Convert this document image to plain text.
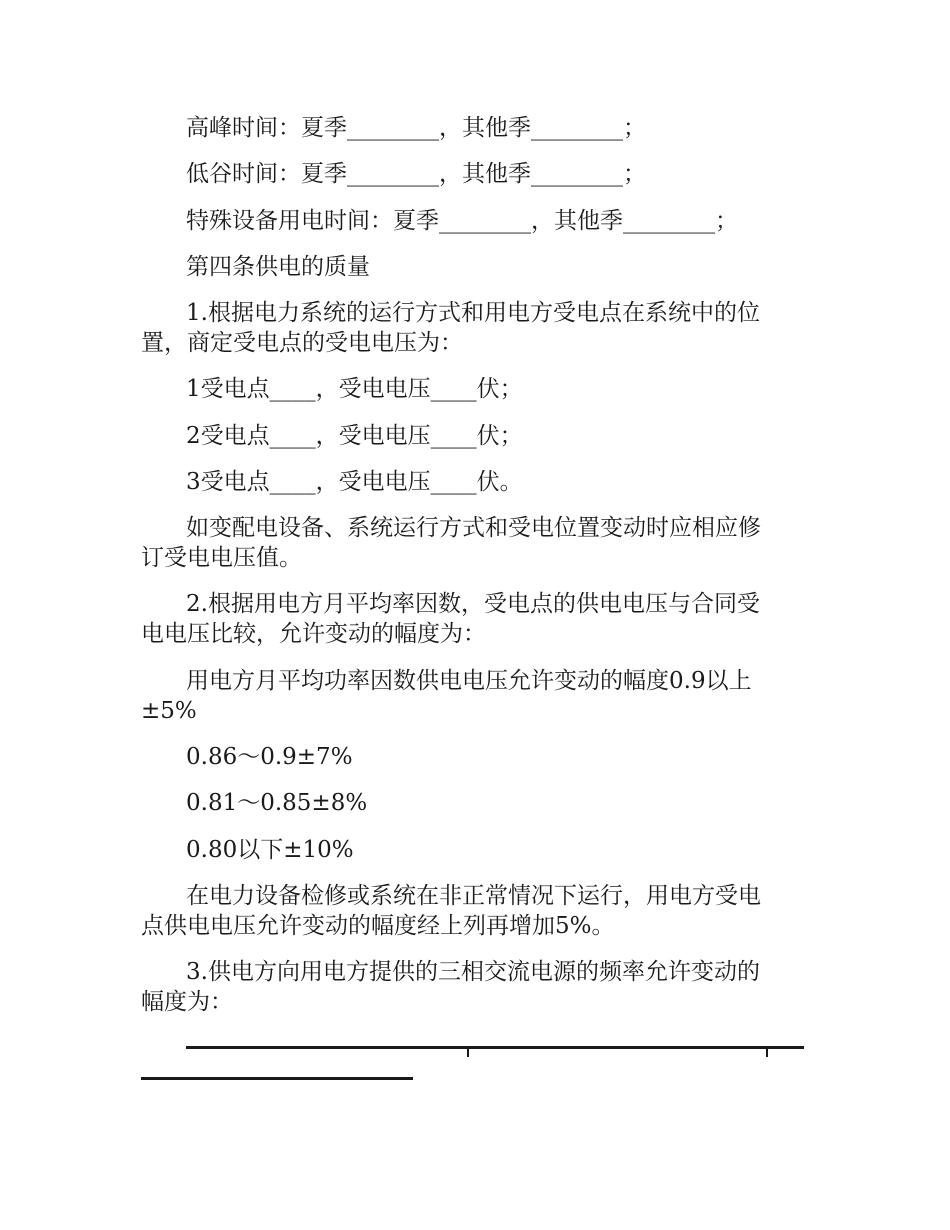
高峰时间：夏季________，其他季________；
低谷时间：夏季________，其他季________；
特殊设备用电时间：夏季________，其他季________；
第四条供电的质量
1.根据电力系统的运行方式和用电方受电点在系统中的位
置，商定受电点的受电电压为：
1受电点____，受电电压____伏；
2受电点____，受电电压____伏；
3受电点____，受电电压____伏。
如变配电设备、系统运行方式和受电位置变动时应相应修
订受电电压值。
2.根据用电方月平均率因数，受电点的供电电压与合同受
电电压比较，允许变动的幅度为：
用电方月平均功率因数供电电压允许变动的幅度0.9以上
±5%
0.86～0.9±7%
0.81～0.85±8%
0.80以下±10%
在电力设备检修或系统在非正常情况下运行，用电方受电
点供电电压允许变动的幅度经上列再增加5%。
3.供电方向用电方提供的三相交流电源的频率允许变动的
幅度为：
